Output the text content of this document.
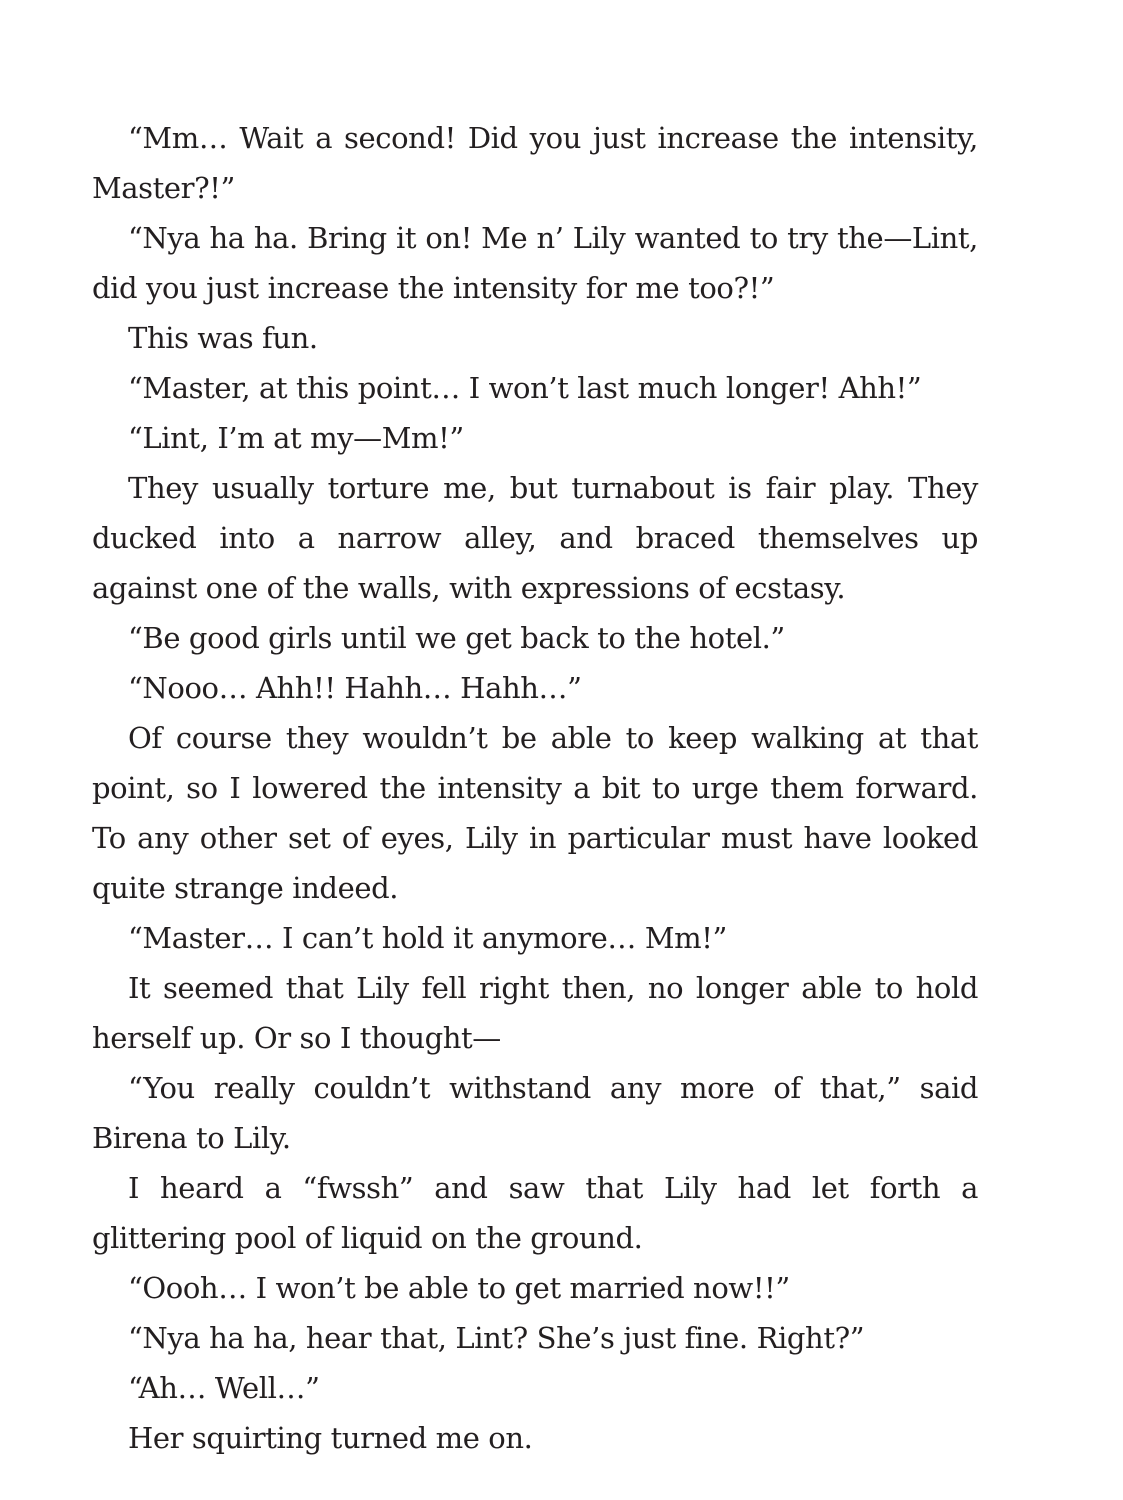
“Mm… Wait a second! Did you just increase the intensity, Master?!”

“Nya ha ha. Bring it on! Me n’ Lily wanted to try the—Lint, did you just increase the intensity for me too?!”

This was fun.

“Master, at this point… I won’t last much longer! Ahh!”

“Lint, I’m at my—Mm!”

They usually torture me, but turnabout is fair play. They ducked into a narrow alley, and braced themselves up against one of the walls, with expressions of ecstasy.

“Be good girls until we get back to the hotel.”

“Nooo… Ahh!! Hahh… Hahh…”

Of course they wouldn’t be able to keep walking at that point, so I lowered the intensity a bit to urge them forward. To any other set of eyes, Lily in particular must have looked quite strange indeed.

“Master… I can’t hold it anymore… Mm!”

It seemed that Lily fell right then, no longer able to hold herself up. Or so I thought—

“You really couldn’t withstand any more of that,” said Birena to Lily.

I heard a “fwssh” and saw that Lily had let forth a glittering pool of liquid on the ground.

“Oooh… I won’t be able to get married now!!”

“Nya ha ha, hear that, Lint? She’s just fine. Right?”

“Ah… Well…”

Her squirting turned me on.
